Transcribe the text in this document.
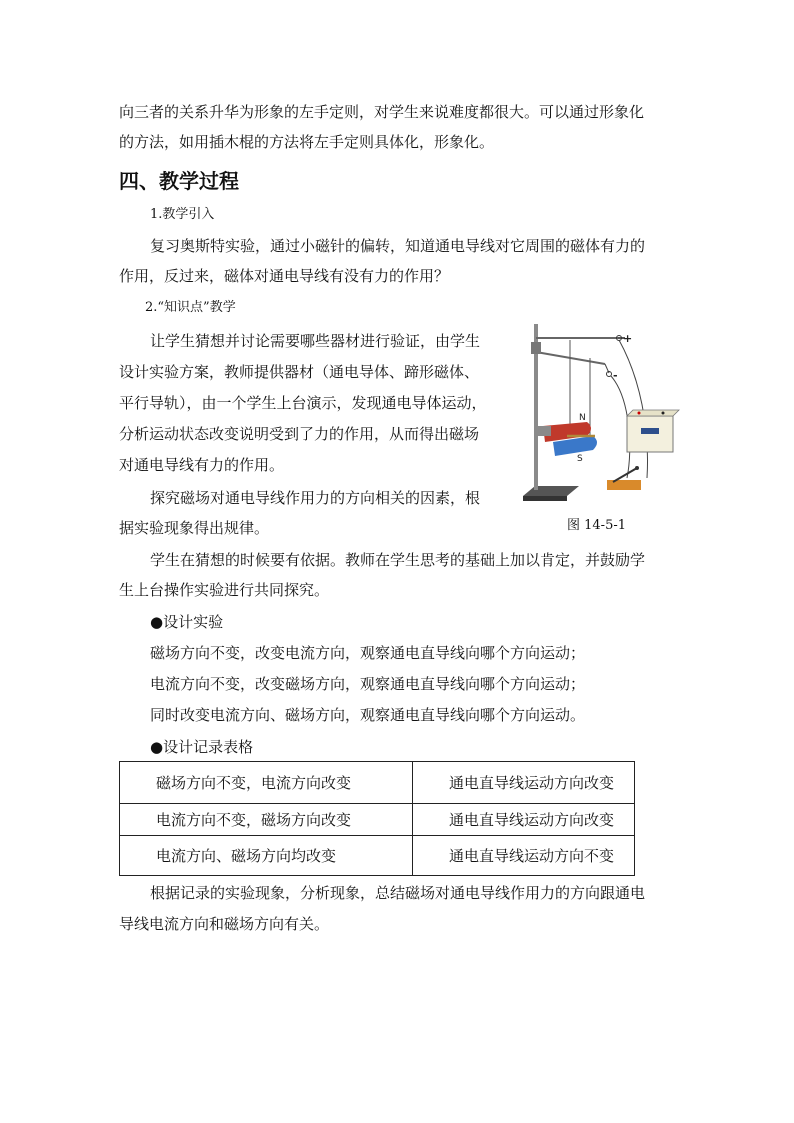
向三者的关系升华为形象的左手定则，对学生来说难度都很大。可以通过形象化
的方法，如用插木棍的方法将左手定则具体化，形象化。
四、教学过程
1.教学引入
复习奥斯特实验，通过小磁针的偏转，知道通电导线对它周围的磁体有力的
作用，反过来，磁体对通电导线有没有力的作用？
2.“知识点”教学
让学生猜想并讨论需要哪些器材进行验证，由学生
设计实验方案，教师提供器材（通电导体、蹄形磁体、
平行导轨），由一个学生上台演示，发现通电导体运动，
分析运动状态改变说明受到了力的作用，从而得出磁场
对通电导线有力的作用。
探究磁场对通电导线作用力的方向相关的因素，根
据实验现象得出规律。
+
-
N
S
图 14-5-1
学生在猜想的时候要有依据。教师在学生思考的基础上加以肯定，并鼓励学
生上台操作实验进行共同探究。
●设计实验
磁场方向不变，改变电流方向，观察通电直导线向哪个方向运动；
电流方向不变，改变磁场方向，观察通电直导线向哪个方向运动；
同时改变电流方向、磁场方向，观察通电直导线向哪个方向运动。
●设计记录表格
磁场方向不变，电流方向改变	通电直导线运动方向改变
电流方向不变，磁场方向改变	通电直导线运动方向改变
电流方向、磁场方向均改变	通电直导线运动方向不变
根据记录的实验现象，分析现象，总结磁场对通电导线作用力的方向跟通电
导线电流方向和磁场方向有关。
